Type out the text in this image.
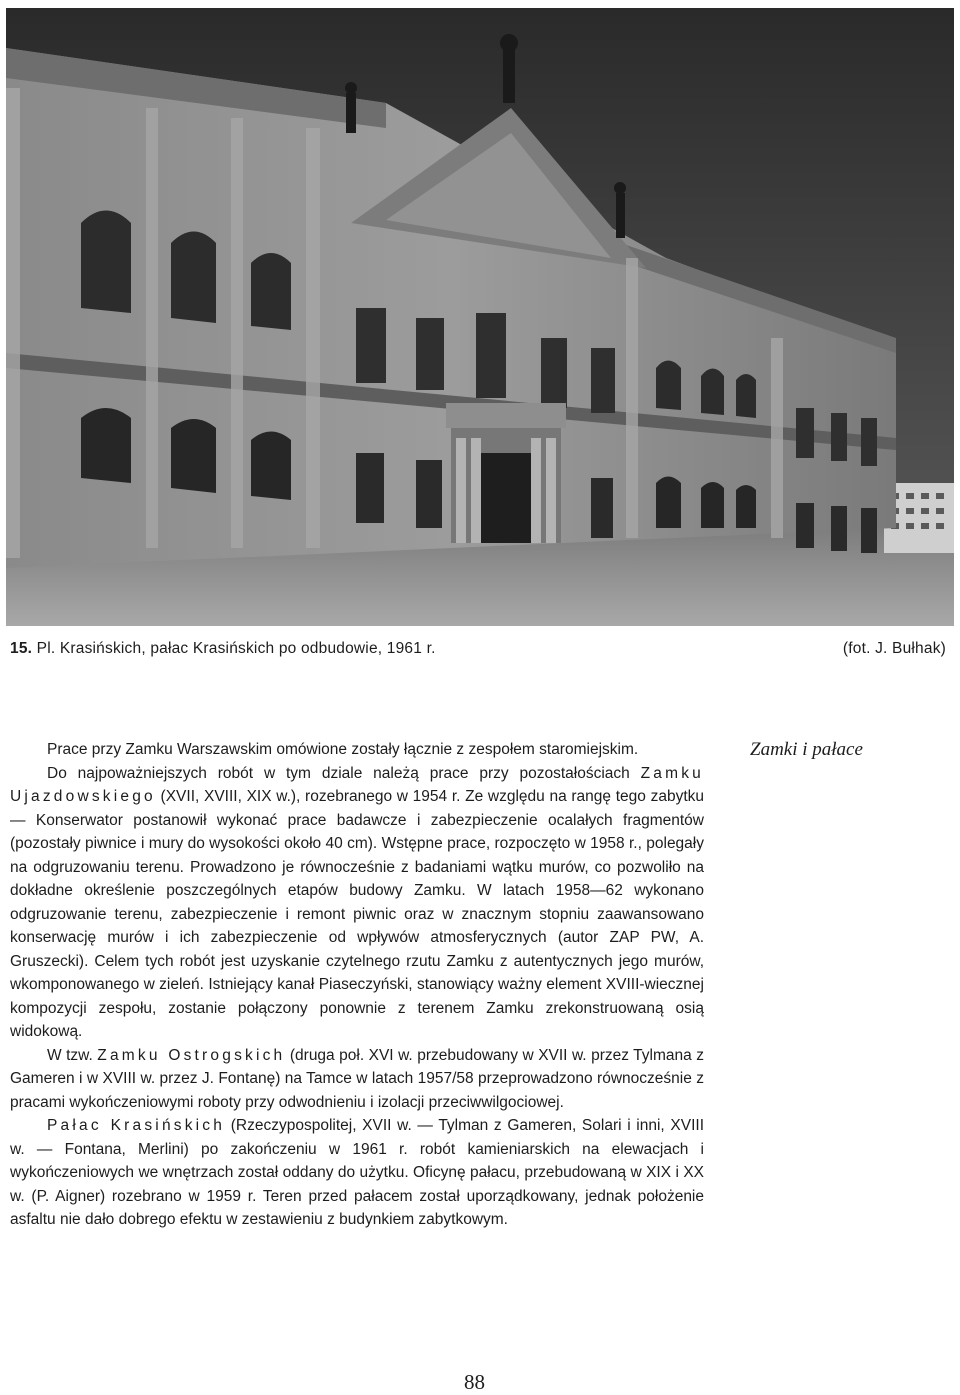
15. Pl. Krasińskich, pałac Krasińskich po odbudowie, 1961 r.	(fot. J. Bułhak)
Zamki i pałace

Prace przy Zamku Warszawskim omówione zostały łącznie z zespołem staromiejskim.

Do najpoważniejszych robót w tym dziale należą prace przy pozostałościach Zamku Ujazdowskiego (XVII, XVIII, XIX w.), rozebranego w 1954 r. Ze względu na rangę tego zabytku — Konserwator postanowił wykonać prace badawcze i zabezpieczenie ocalałych fragmentów (pozostały piwnice i mury do wysokości około 40 cm). Wstępne prace, rozpoczęto w 1958 r., polegały na odgruzowaniu terenu. Prowadzono je równocześnie z badaniami wątku murów, co pozwoliło na dokładne określenie poszczególnych etapów budowy Zamku. W latach 1958—62 wykonano odgruzowanie terenu, zabezpieczenie i remont piwnic oraz w znacznym stopniu zaawansowano konserwację murów i ich zabezpieczenie od wpływów atmosferycznych (autor ZAP PW, A. Gruszecki). Celem tych robót jest uzyskanie czytelnego rzutu Zamku z autentycznych jego murów, wkomponowanego w zieleń. Istniejący kanał Piaseczyński, stanowiący ważny element XVIII-wiecznej kompozycji zespołu, zostanie połączony ponownie z terenem Zamku zrekonstruowaną osią widokową.

W tzw. Zamku Ostrogskich (druga poł. XVI w. przebudowany w XVII w. przez Tylmana z Gameren i w XVIII w. przez J. Fontanę) na Tamce w latach 1957/58 przeprowadzono równocześnie z pracami wykończeniowymi roboty przy odwodnieniu i izolacji przeciwwilgociowej.

Pałac Krasińskich (Rzeczypospolitej, XVII w. — Tylman z Gameren, Solari i inni, XVIII w. — Fontana, Merlini) po zakończeniu w 1961 r. robót kamieniarskich na elewacjach i wykończeniowych we wnętrzach został oddany do użytku. Oficynę pałacu, przebudowaną w XIX i XX w. (P. Aigner) rozebrano w 1959 r. Teren przed pałacem został uporządkowany, jednak położenie asfaltu nie dało dobrego efektu w zestawieniu z budynkiem zabytkowym.

88
